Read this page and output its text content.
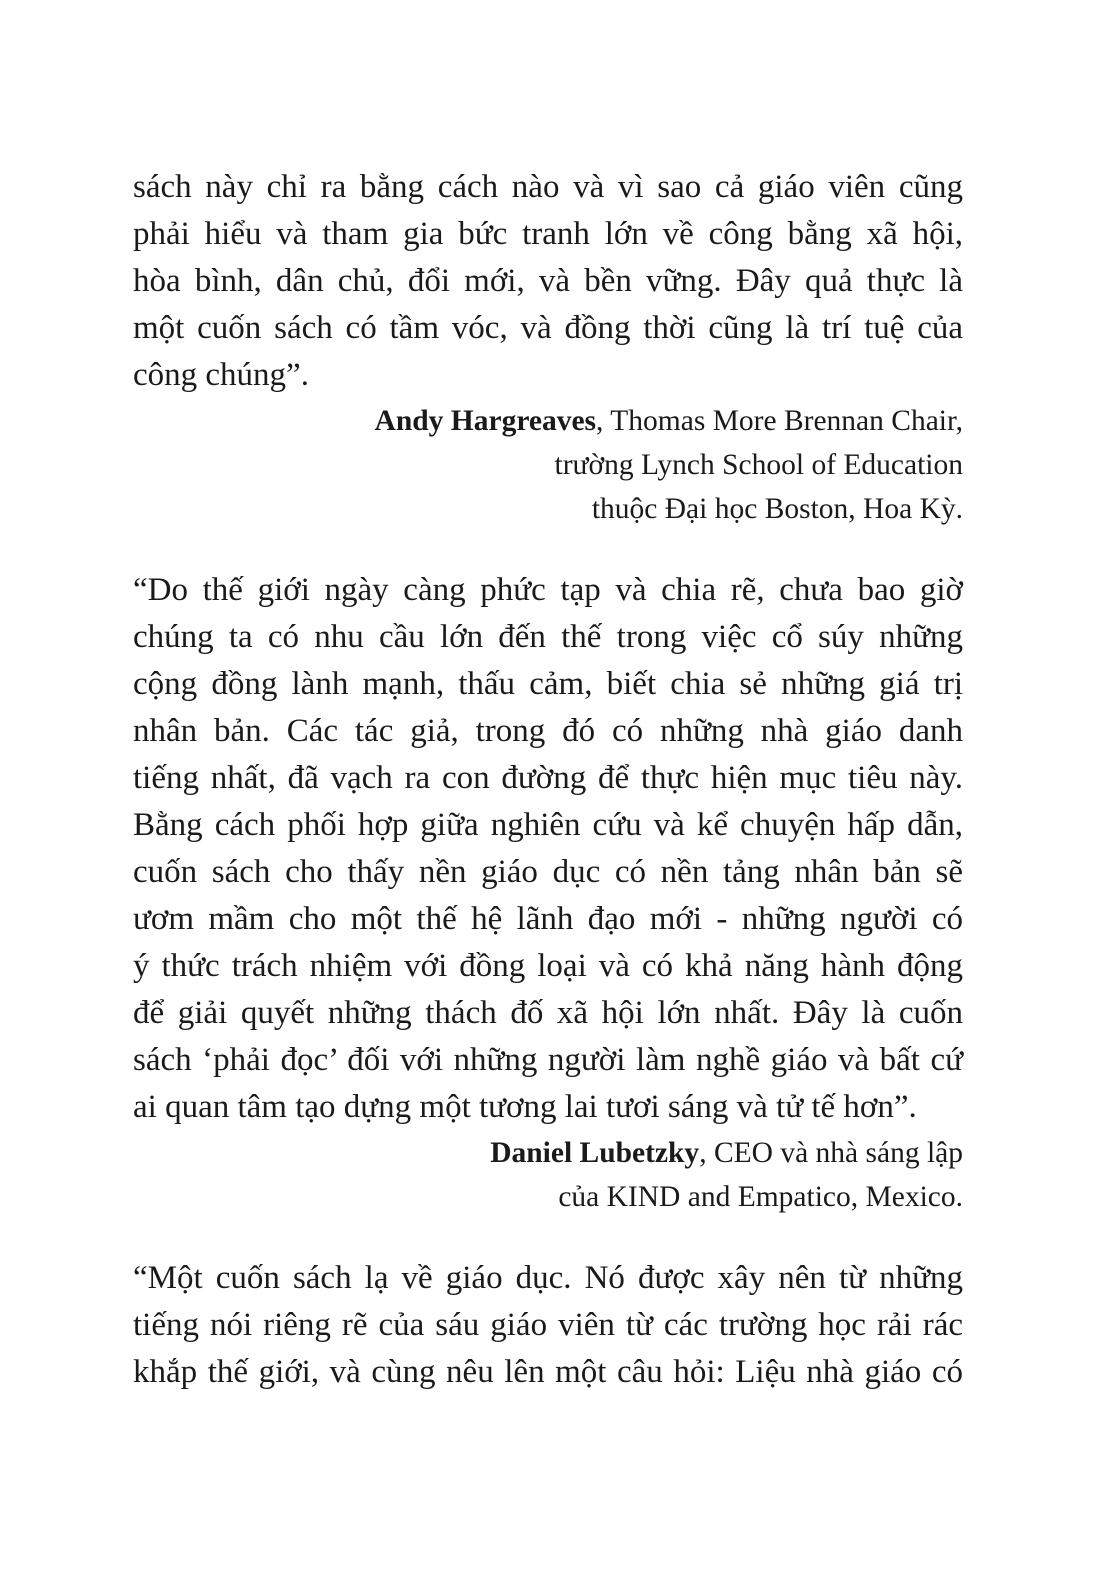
sách này chỉ ra bằng cách nào và vì sao cả giáo viên cũng
phải hiểu và tham gia bức tranh lớn về công bằng xã hội,
hòa bình, dân chủ, đổi mới, và bền vững. Đây quả thực là
một cuốn sách có tầm vóc, và đồng thời cũng là trí tuệ của
công chúng”.
Andy Hargreaves, Thomas More Brennan Chair,
trường Lynch School of Education
thuộc Đại học Boston, Hoa Kỳ.
“Do thế giới ngày càng phức tạp và chia rẽ, chưa bao giờ
chúng ta có nhu cầu lớn đến thế trong việc cổ súy những
cộng đồng lành mạnh, thấu cảm, biết chia sẻ những giá trị
nhân bản. Các tác giả, trong đó có những nhà giáo danh
tiếng nhất, đã vạch ra con đường để thực hiện mục tiêu này.
Bằng cách phối hợp giữa nghiên cứu và kể chuyện hấp dẫn,
cuốn sách cho thấy nền giáo dục có nền tảng nhân bản sẽ
ươm mầm cho một thế hệ lãnh đạo mới - những người có
ý thức trách nhiệm với đồng loại và có khả năng hành động
để giải quyết những thách đố xã hội lớn nhất. Đây là cuốn
sách ‘phải đọc’ đối với những người làm nghề giáo và bất cứ
ai quan tâm tạo dựng một tương lai tươi sáng và tử tế hơn”.
Daniel Lubetzky, CEO và nhà sáng lập
của KIND and Empatico, Mexico.
“Một cuốn sách lạ về giáo dục. Nó được xây nên từ những
tiếng nói riêng rẽ của sáu giáo viên từ các trường học rải rác
khắp thế giới, và cùng nêu lên một câu hỏi: Liệu nhà giáo có
